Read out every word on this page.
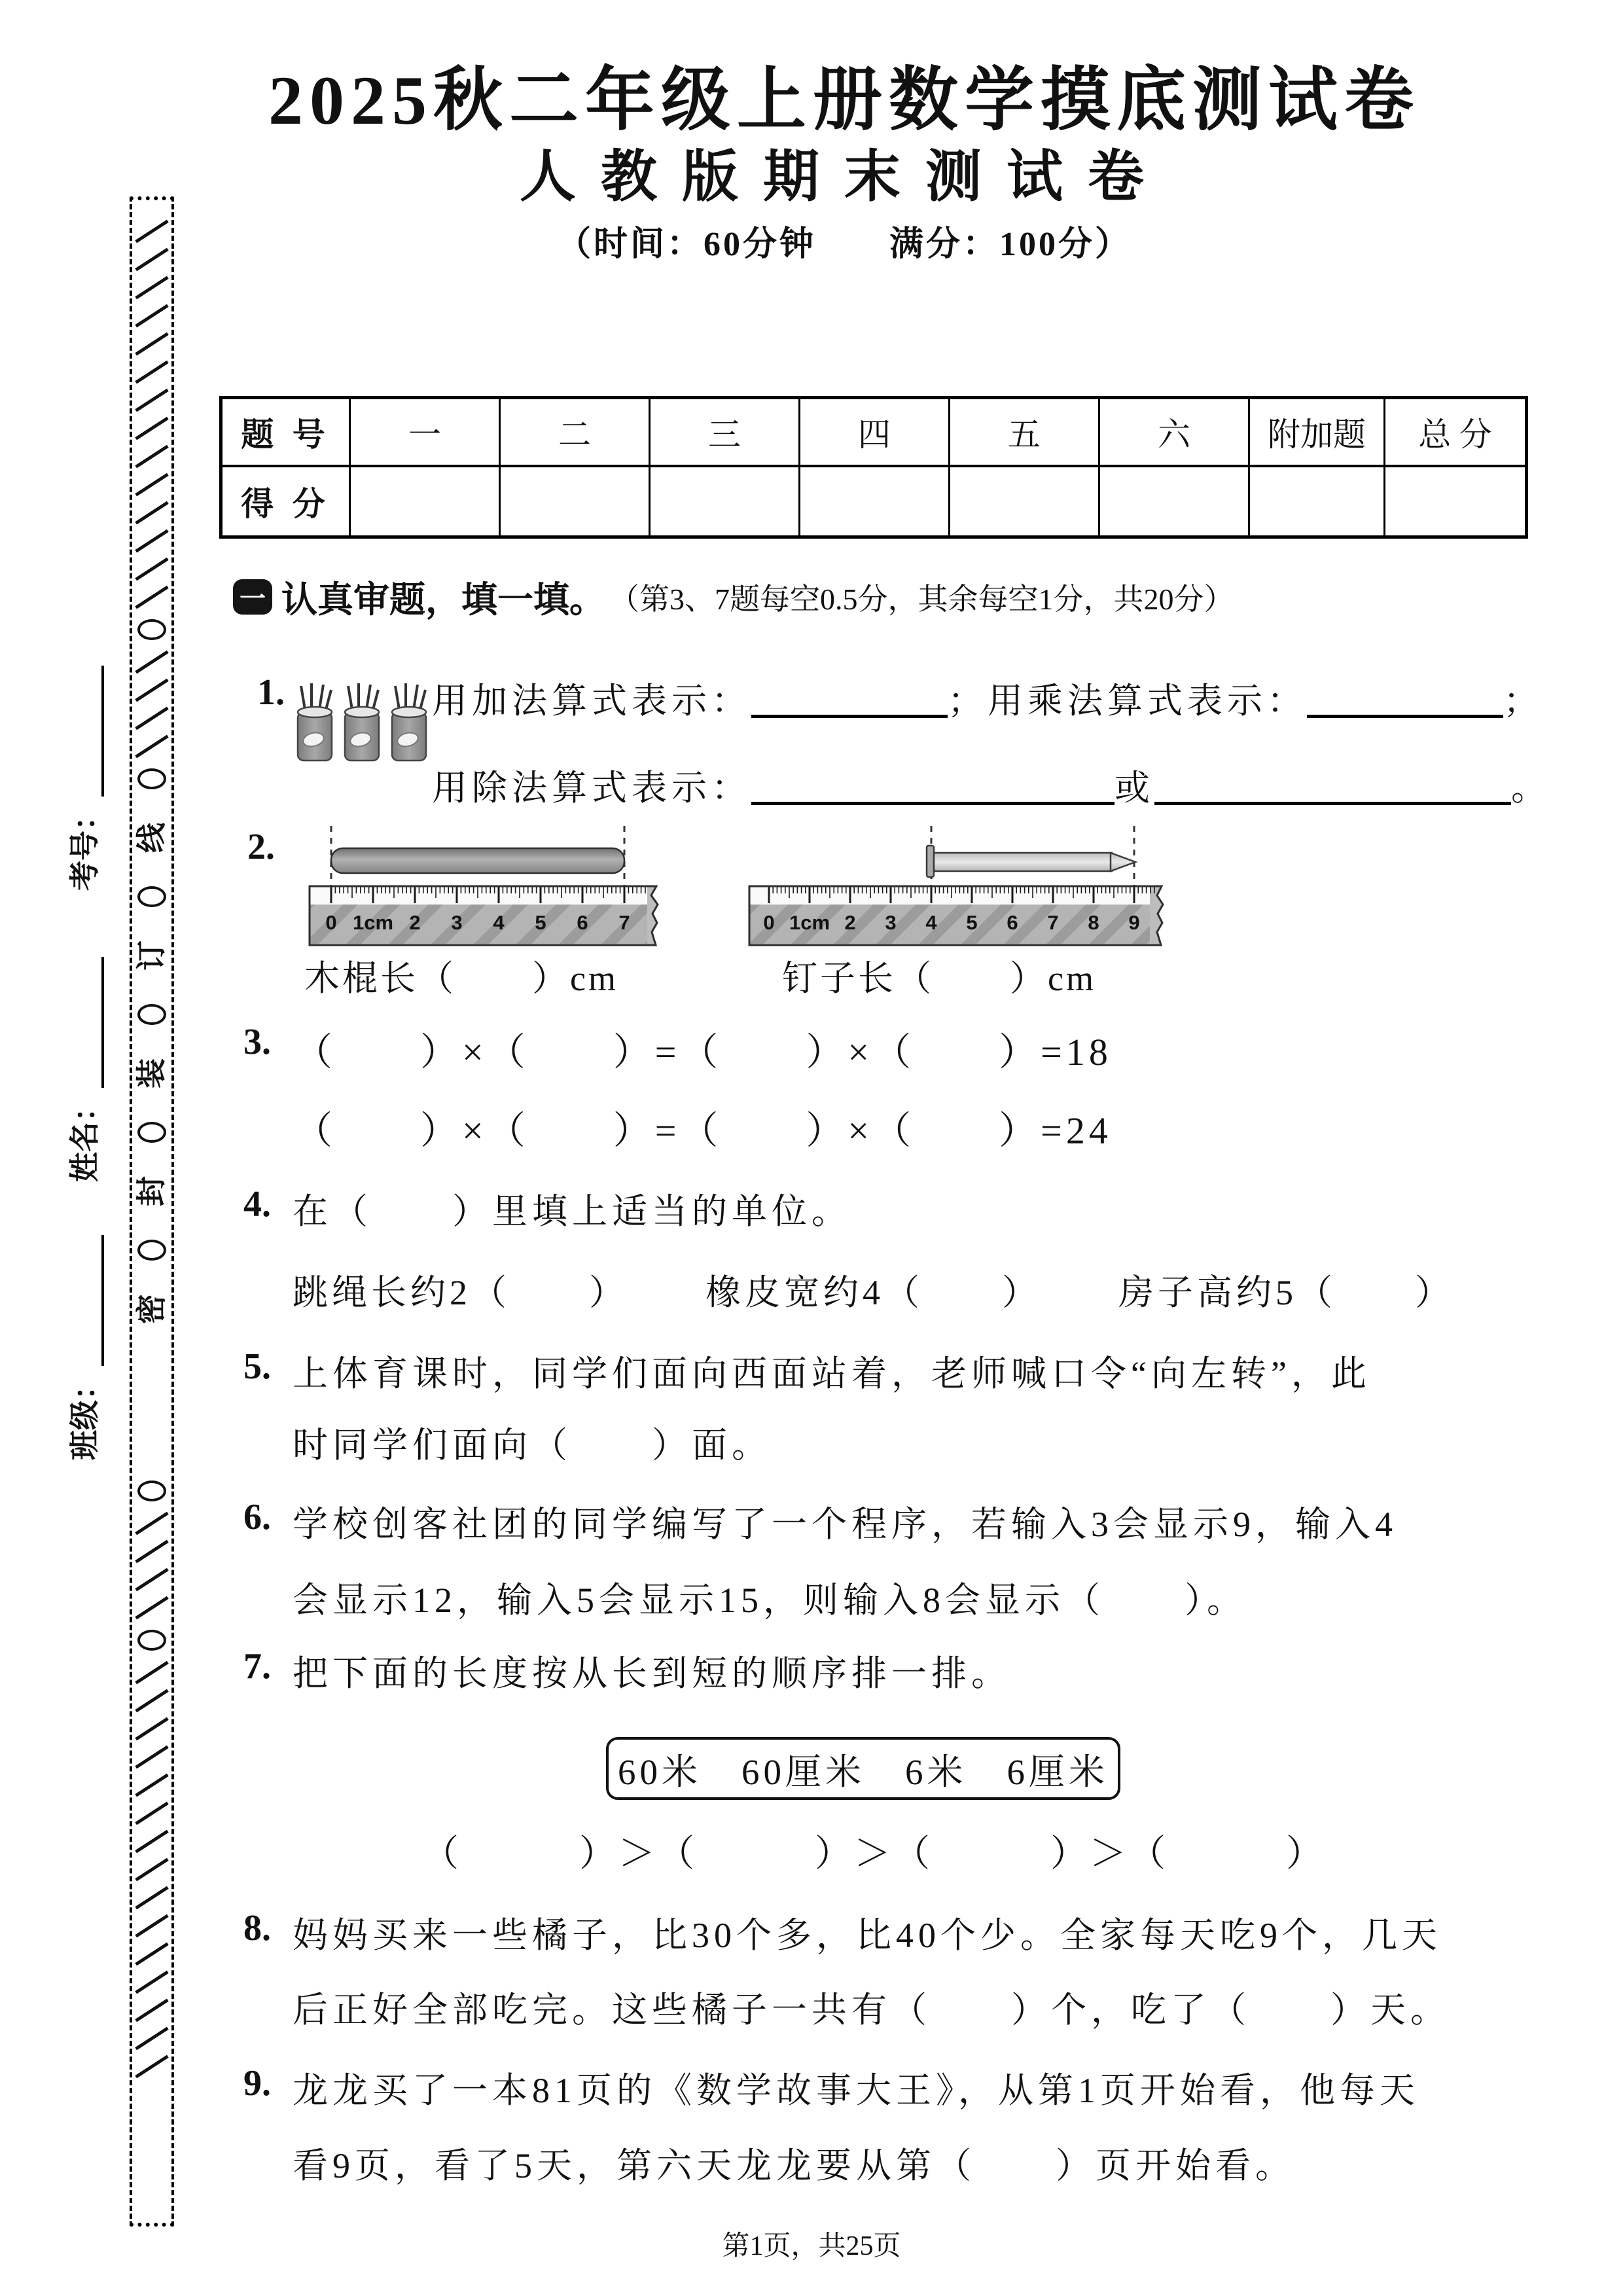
线
订
装
封
密
考号：
姓名：
班级：
2025秋二年级上册数学摸底测试卷
人教版期末测试卷
（时间：60分钟　　满分：100分）
题 号	一	二	三	四	五	六	附加题	总 分
得 分
一 认真审题，填一填。 （第3、7题每空0.5分，其余每空1分，共20分）
1.	用加法算式表示：	；用乘法算式表示：	；
用除法算式表示：	或	。
2.
0 1cm 2 3 4 5 6 7	0 1cm 2 3 4 5 6 7 8 9
木棍长（　　）cm	钉子长（　　）cm
3. （　　）×（　　）=（　　）×（　　）=18
（　　）×（　　）=（　　）×（　　）=24
4. 在（　　）里填上适当的单位。
跳绳长约2（　　） 橡皮宽约4（　　） 房子高约5（　　）
5. 上体育课时，同学们面向西面站着，老师喊口令“向左转”，此
时同学们面向（　　）面。
6. 学校创客社团的同学编写了一个程序，若输入3会显示9，输入4
会显示12，输入5会显示15，则输入8会显示（　　）。
7. 把下面的长度按从长到短的顺序排一排。
60米　60厘米　6米　6厘米
（　　　）＞（　　　）＞（　　　）＞（　　　）
8. 妈妈买来一些橘子，比30个多，比40个少。全家每天吃9个，几天
后正好全部吃完。这些橘子一共有（　　）个，吃了（　　）天。
9. 龙龙买了一本81页的《数学故事大王》，从第1页开始看，他每天
看9页，看了5天，第六天龙龙要从第（　　）页开始看。
第1页，共25页
